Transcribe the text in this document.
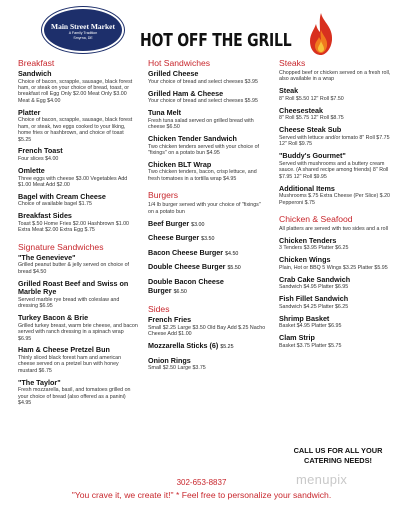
Main Street Market
A Family Tradition
Smyrna, DE	HOT OFF THE GRILL
Breakfast
Sandwich
Choice of bacon, scrapple, sausage, black forest ham, or steak on your choice of bread, toast, or breakfast roll Egg Only $2.00 Meat Only $3.00 Meat & Egg $4.00
Platter
Choice of bacon, scrapple, sausage, black forest ham, or steak, two eggs cooked to your liking, home fries or hashbrown, and choice of toast $5.25
French Toast
Four slices $4.00
Omlette
Three eggs with cheese $3.00 Vegetables Add $1.00 Meat Add $2.00
Bagel with Cream Cheese
Choice of available bagel $1.75
Breakfast Sides
Toast $.50 Home Fries $2.00 Hashbrown $1.00 Extra Meat $2.00 Extra Egg $.75
Signature Sandwiches
"The Genevieve"
Grilled peanut butter & jelly served on choice of bread $4.50
Grilled Roast Beef and Swiss on Marble Rye
Served marble rye bread with coleslaw and dressing $6.95
Turkey Bacon & Brie
Grilled turkey breast, warm brie cheese, and bacon served with ranch dressing in a spinach wrap $6.95
Ham & Cheese Pretzel Bun
Thinly sliced black forest ham and american cheese served on a pretzel bun with honey mustard $6.75
"The Taylor"
Fresh mozzarella, basil, and tomatoes grilled on your choice of bread (also offered as a panini) $4.95
Hot Sandwiches
Grilled Cheese
Your choice of bread and select cheeses $3.95
Grilled Ham & Cheese
Your choice of bread and select cheeses $5.95
Tuna Melt
Fresh tuna salad served on grilled bread with cheese $6.50
Chicken Tender Sandwich
Two chicken tenders served with your choice of "fixings" on a potato bun $4.95
Chicken BLT Wrap
Two chicken tenders, bacon, crisp lettuce, and fresh tomatoes in a tortilla wrap $4.95
Burgers
1/4 lb burger served with your choice of "fixings" on a potato bun
Beef Burger $3.00
Cheese Burger $3.50
Bacon Cheese Burger $4.50
Double Cheese Burger $5.50
Double Bacon Cheese Burger $6.50
Sides
French Fries
Small $2.25 Large $3.50 Old Bay Add $.25 Nacho Cheese Add $1.00
Mozzarella Sticks (6) $5.25
Onion Rings
Small $2.50 Large $3.75
Steaks
Chopped beef or chicken served on a fresh roll, also available in a wrap
Steak
8" Roll $5.50 12" Roll $7.50
Cheesesteak
8" Roll $5.75 12" Roll $8.75
Cheese Steak Sub
Served with lettuce and/or tomato 8" Roll $7.75 12" Roll $9.75
"Buddy's Gourmet"
Served with mushrooms and a buttery cream sauce. (A shared recipe among friends) 8" Roll $7.95 12" Roll $9.95
Additional Items
Mushrooms $.75 Extra Cheese (Per Slice) $.20 Pepperoni $.75
Chicken & Seafood
All platters are served with two sides and a roll
Chicken Tenders
3 Tenders $3.95 Platter $6.25
Chicken Wings
Plain, Hot or BBQ 5 Wings $3.25 Platter $5.95
Crab Cake Sandwich
Sandwich $4.95 Platter $6.95
Fish Fillet Sandwich
Sandwich $4.25 Platter $6.25
Shrimp Basket
Basket $4.95 Platter $6.95
Clam Strip
Basket $3.75 Platter $5.75
CALL US FOR ALL YOUR
CATERING NEEDS!
menupix
302-653-8837
"You crave it, we create it!" * Feel free to personalize your sandwich.
